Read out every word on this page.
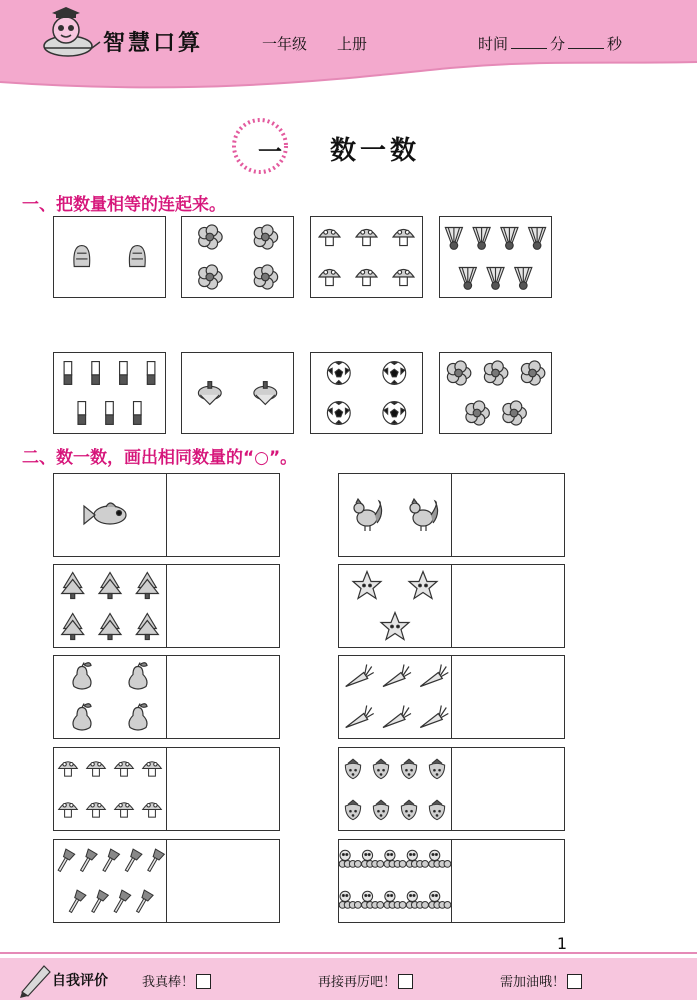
智慧口算	一年级 上册	时间	分	秒
一 数一数
一、把数量相等的连起来。
二、数一数，画出相同数量的“○”。
1
自我评价	我真棒！	再接再厉吧！	需加油哦！
